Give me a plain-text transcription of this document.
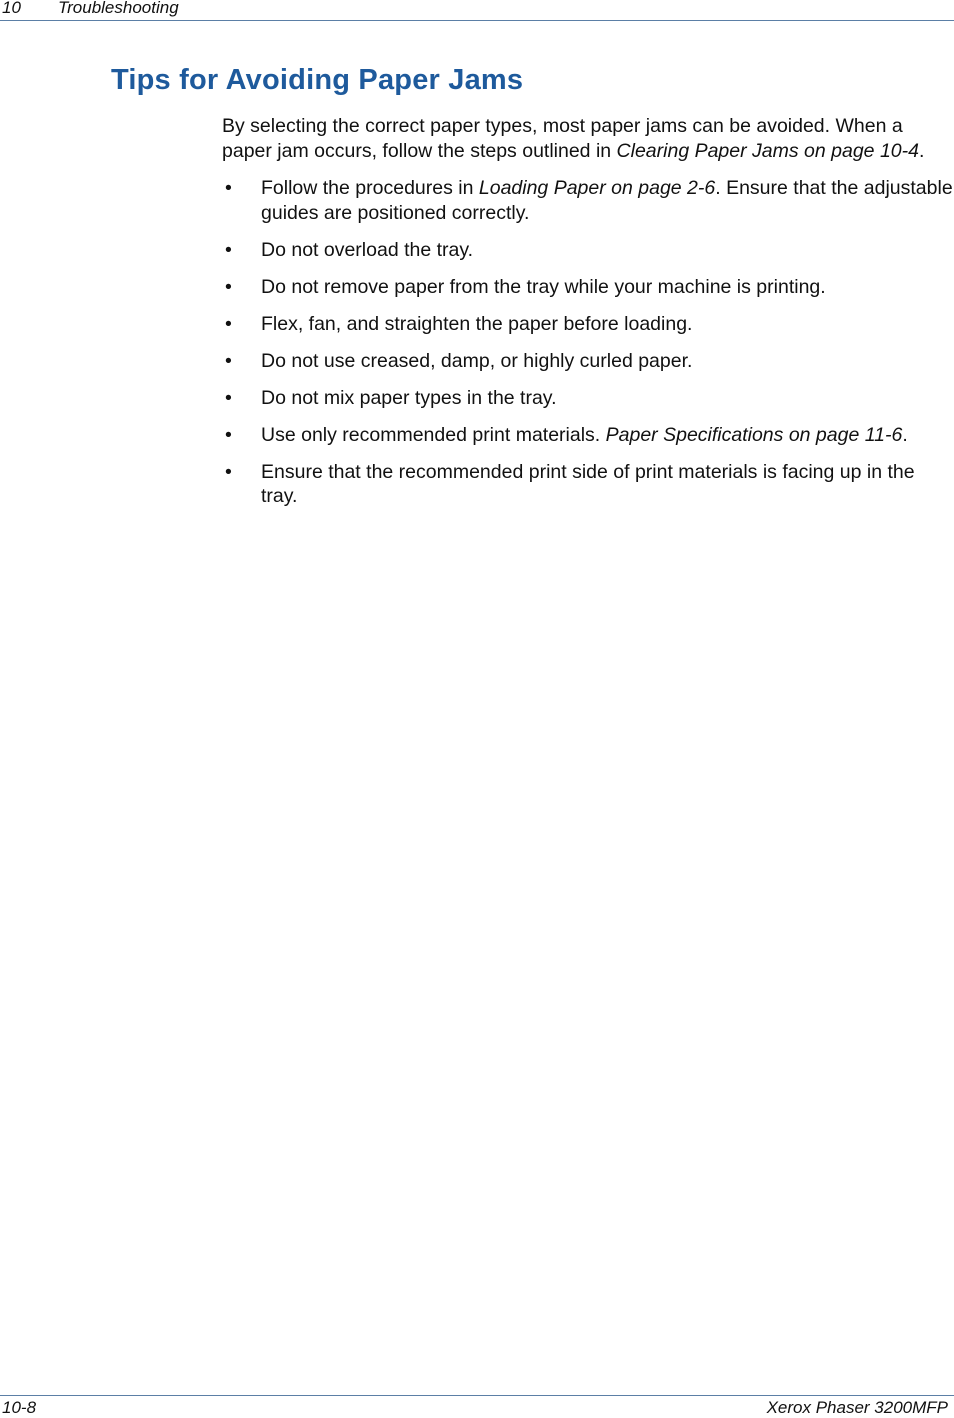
10 Troubleshooting
Tips for Avoiding Paper Jams

By selecting the correct paper types, most paper jams can be avoided. When a paper jam occurs, follow the steps outlined in Clearing Paper Jams on page 10-4.

• Follow the procedures in Loading Paper on page 2-6. Ensure that the adjustable guides are positioned correctly.
• Do not overload the tray.
• Do not remove paper from the tray while your machine is printing.
• Flex, fan, and straighten the paper before loading.
• Do not use creased, damp, or highly curled paper.
• Do not mix paper types in the tray.
• Use only recommended print materials. Paper Specifications on page 11-6.
• Ensure that the recommended print side of print materials is facing up in the tray.
10-8	Xerox Phaser 3200MFP
